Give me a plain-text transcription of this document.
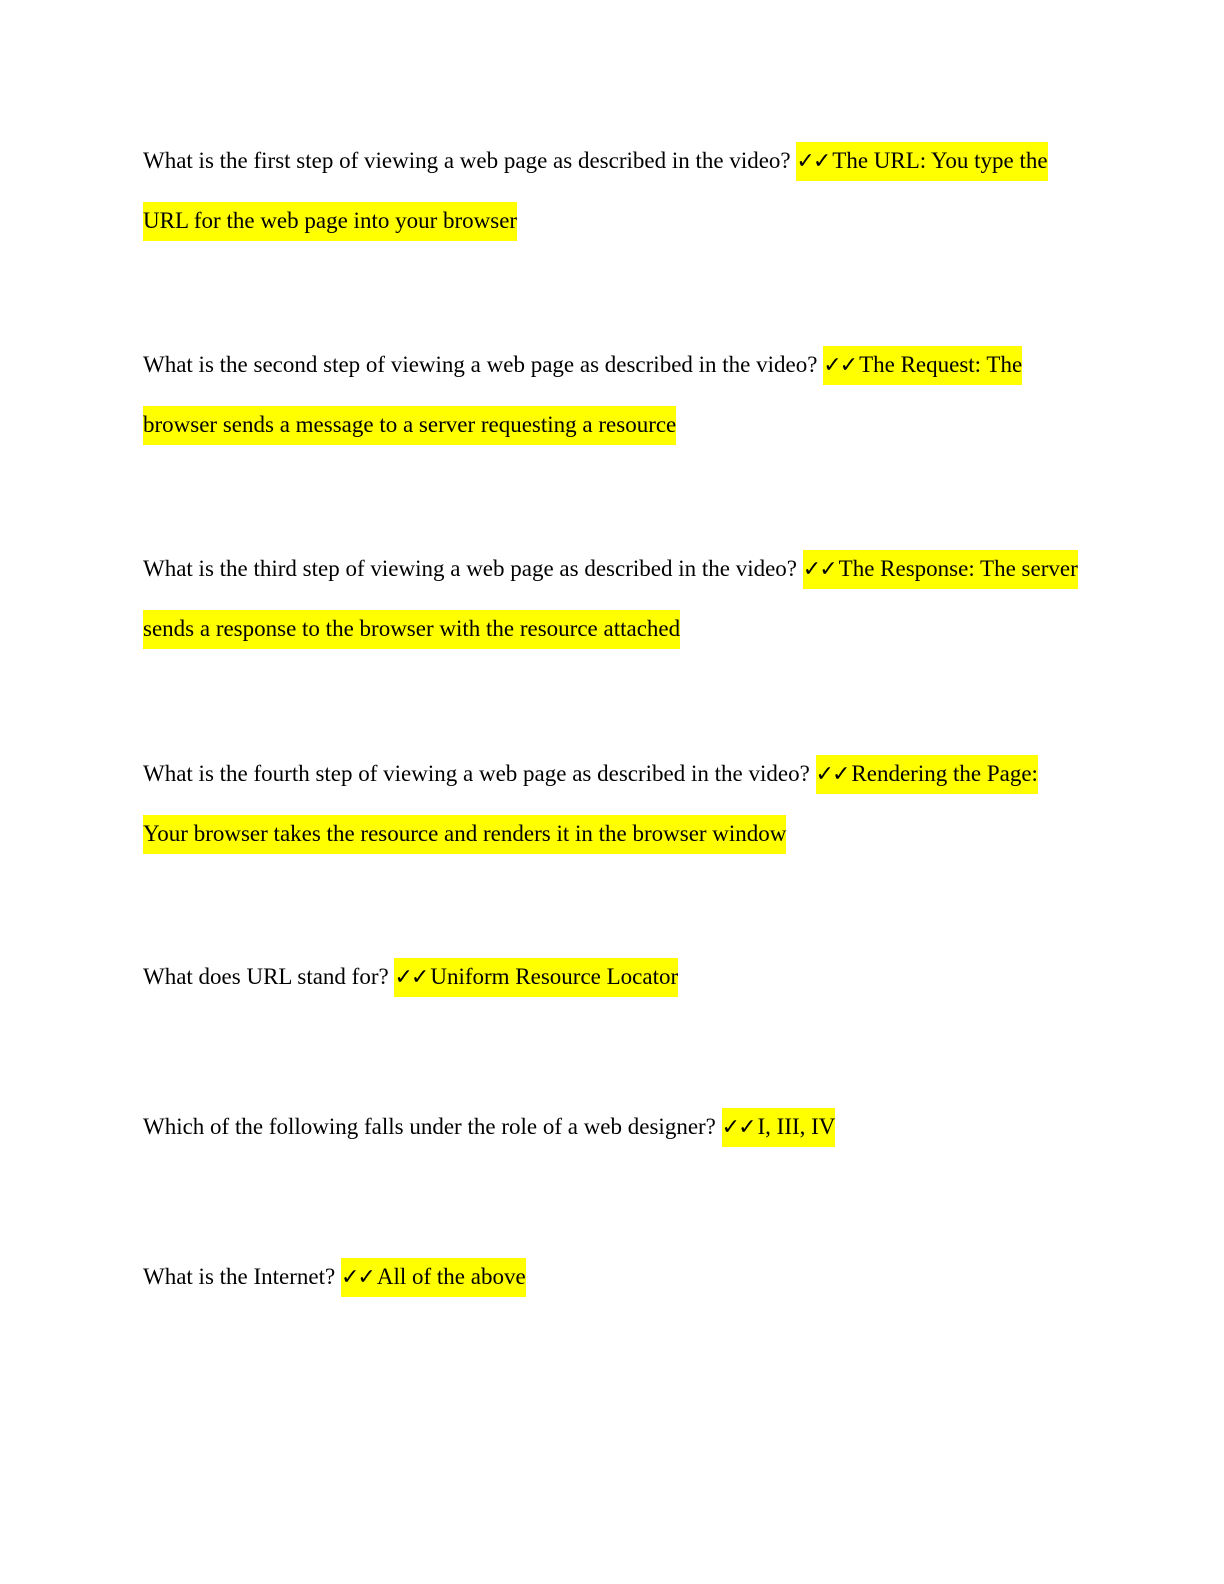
What is the first step of viewing a web page as described in the video? ✓✓ The URL: You type the URL for the web page into your browser

What is the second step of viewing a web page as described in the video? ✓✓ The Request: The browser sends a message to a server requesting a resource

What is the third step of viewing a web page as described in the video? ✓✓ The Response: The server sends a response to the browser with the resource attached

What is the fourth step of viewing a web page as described in the video? ✓✓ Rendering the Page: Your browser takes the resource and renders it in the browser window

What does URL stand for? ✓✓ Uniform Resource Locator

Which of the following falls under the role of a web designer? ✓✓ I, III, IV

What is the Internet? ✓✓ All of the above
